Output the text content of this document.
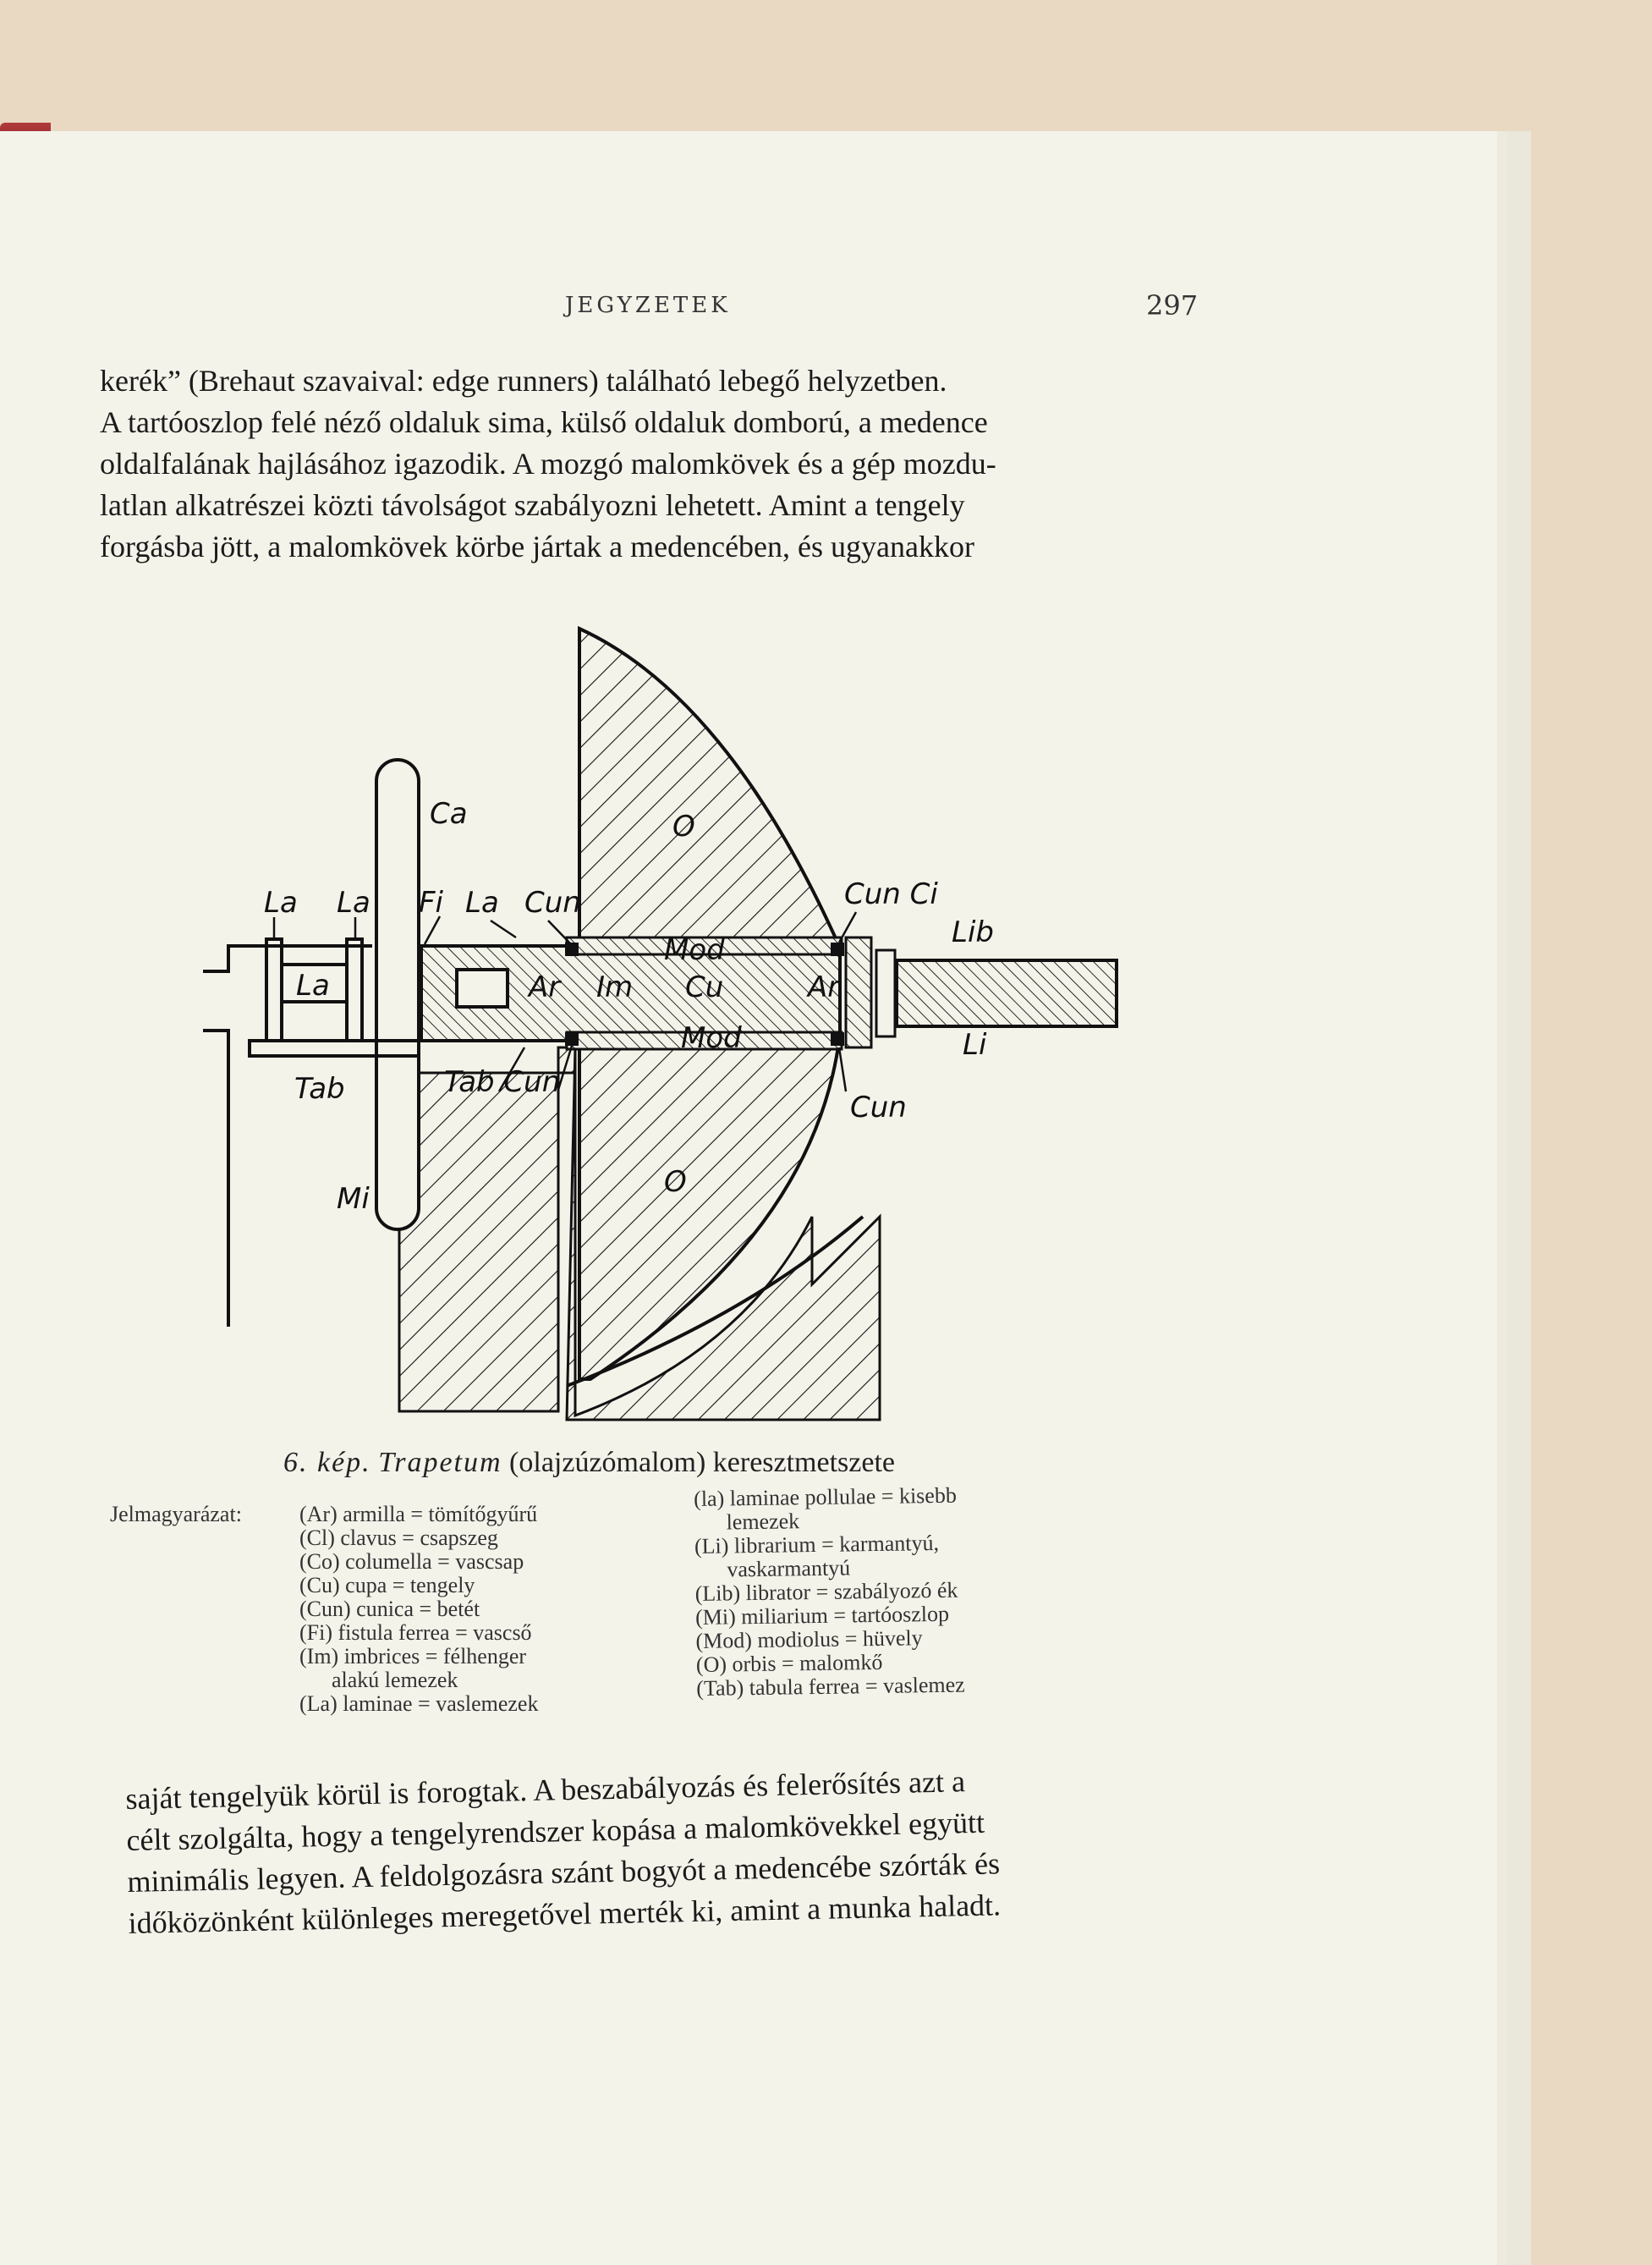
JEGYZETEK	297

kerék” (Brehaut szavaival: edge runners) található lebegő helyzetben.

A tartóoszlop felé néző oldaluk sima, külső oldaluk domború, a medence

oldalfalának hajlásához igazodik. A mozgó malomkövek és a gép mozdu-

latlan alkatrészei közti távolságot szabályozni lehetett. Amint a tengely

forgásba jött, a malomkövek körbe jártak a medencében, és ugyanakkor

Ca
La La Fi La Cun	Cun Ci
Lib
O
La	Ar Im Cu	Ar
Mod
Mod	Li
Tab	Tab Cun
Cun
O
Mi
6. kép. Trapetum (olajzúzómalom) keresztmetszete
Jelmagyarázat:	(Ar) armilla = tömítőgyűrű
(Cl) clavus = csapszeg
(Co) columella = vascsap
(Cu) cupa = tengely
(Cun) cunica = betét
(Fi) fistula ferrea = vascső
(Im) imbrices = félhenger
alakú lemezek
(La) laminae = vaslemezek
(la) laminae pollulae = kisebb
lemezek
(Li) librarium = karmantyú,
vaskarmantyú
(Lib) librator = szabályozó ék
(Mi) miliarium = tartóoszlop
(Mod) modiolus = hüvely
(O) orbis = malomkő
(Tab) tabula ferrea = vaslemez

saját tengelyük körül is forogtak. A beszabályozás és felerősítés azt a

célt szolgálta, hogy a tengelyrendszer kopása a malomkövekkel együtt

minimális legyen. A feldolgozásra szánt bogyót a medencébe szórták és

időközönként különleges meregetővel merték ki, amint a munka haladt.
